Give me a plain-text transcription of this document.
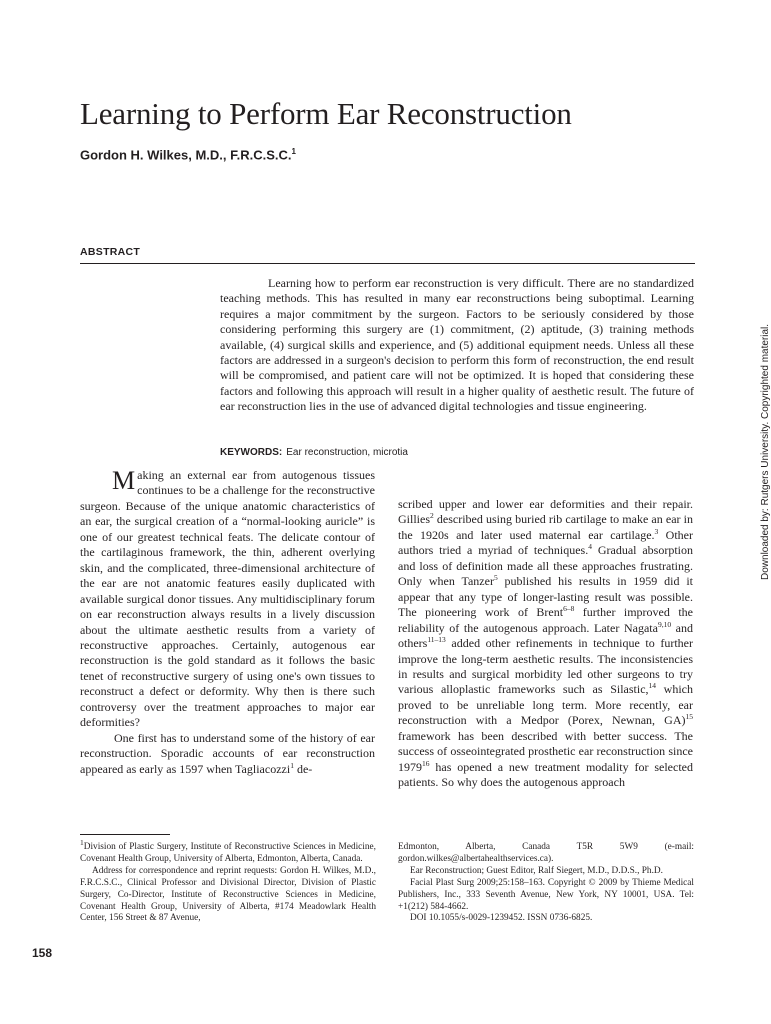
Learning to Perform Ear Reconstruction
Gordon H. Wilkes, M.D., F.R.C.S.C.$^1$
ABSTRACT

Learning how to perform ear reconstruction is very difficult. There are no standardized teaching methods. This has resulted in many ear reconstructions being suboptimal. Learning requires a major commitment by the surgeon. Factors to be seriously considered by those considering performing this surgery are (1) commitment, (2) aptitude, (3) training methods available, (4) surgical skills and experience, and (5) additional equipment needs. Unless all these factors are addressed in a surgeon's decision to perform this form of reconstruction, the end result will be compromised, and patient care will not be optimized. It is hoped that considering these factors and following this approach will result in a higher quality of aesthetic result. The future of ear reconstruction lies in the use of advanced digital technologies and tissue engineering.

KEYWORDS: Ear reconstruction, microtia

Making an external ear from autogenous tissues continues to be a challenge for the reconstructive surgeon. Because of the unique anatomic characteristics of an ear, the surgical creation of a “normal-looking auricle” is one of our greatest technical feats. The delicate contour of the cartilaginous framework, the thin, adherent overlying skin, and the complicated, three-dimensional architecture of the ear are not anatomic features easily duplicated with available surgical donor tissues. Any multidisciplinary forum on ear reconstruction always results in a lively discussion about the ultimate aesthetic results from a variety of reconstructive approaches. Certainly, autogenous ear reconstruction is the gold standard as it follows the basic tenet of reconstructive surgery of using one's own tissues to reconstruct a defect or deformity. Why then is there such controversy over the treatment approaches to major ear deformities?

One first has to understand some of the history of ear reconstruction. Sporadic accounts of ear reconstruction appeared as early as 1597 when Tagliacozzi$^1$ de-

scribed upper and lower ear deformities and their repair. Gillies$^2$ described using buried rib cartilage to make an ear in the 1920s and later used maternal ear cartilage.$^3$ Other authors tried a myriad of techniques.$^4$ Gradual absorption and loss of definition made all these approaches frustrating. Only when Tanzer$^5$ published his results in 1959 did it appear that any type of longer-lasting result was possible. The pioneering work of Brent$^{6-8}$ further improved the reliability of the autogenous approach. Later Nagata$^{9,10}$ and others$^{11-13}$ added other refinements in technique to further improve the long-term aesthetic results. The inconsistencies in results and surgical morbidity led other surgeons to try various alloplastic frameworks such as Silastic,$^{14}$ which proved to be unreliable long term. More recently, ear reconstruction with a Medpor (Porex, Newnan, GA)$^{15}$ framework has been described with better success. The success of osseointegrated prosthetic ear reconstruction since 1979$^{16}$ has opened a new treatment modality for selected patients. So why does the autogenous approach

$^1$Division of Plastic Surgery, Institute of Reconstructive Sciences in Medicine, Covenant Health Group, University of Alberta, Edmonton, Alberta, Canada.

Address for correspondence and reprint requests: Gordon H. Wilkes, M.D., F.R.C.S.C., Clinical Professor and Divisional Director, Division of Plastic Surgery, Co-Director, Institute of Reconstructive Sciences in Medicine, Covenant Health Group, University of Alberta, #174 Meadowlark Health Center, 156 Street & 87 Avenue,

Edmonton, Alberta, Canada T5R 5W9 (e-mail: gordon.wilkes@albertahealthservices.ca).

Ear Reconstruction; Guest Editor, Ralf Siegert, M.D., D.D.S., Ph.D.

Facial Plast Surg 2009;25:158–163. Copyright © 2009 by Thieme Medical Publishers, Inc., 333 Seventh Avenue, New York, NY 10001, USA. Tel: +1(212) 584-4662.

DOI 10.1055/s-0029-1239452. ISSN 0736-6825.

158
Downloaded by: Rutgers University. Copyrighted material.
